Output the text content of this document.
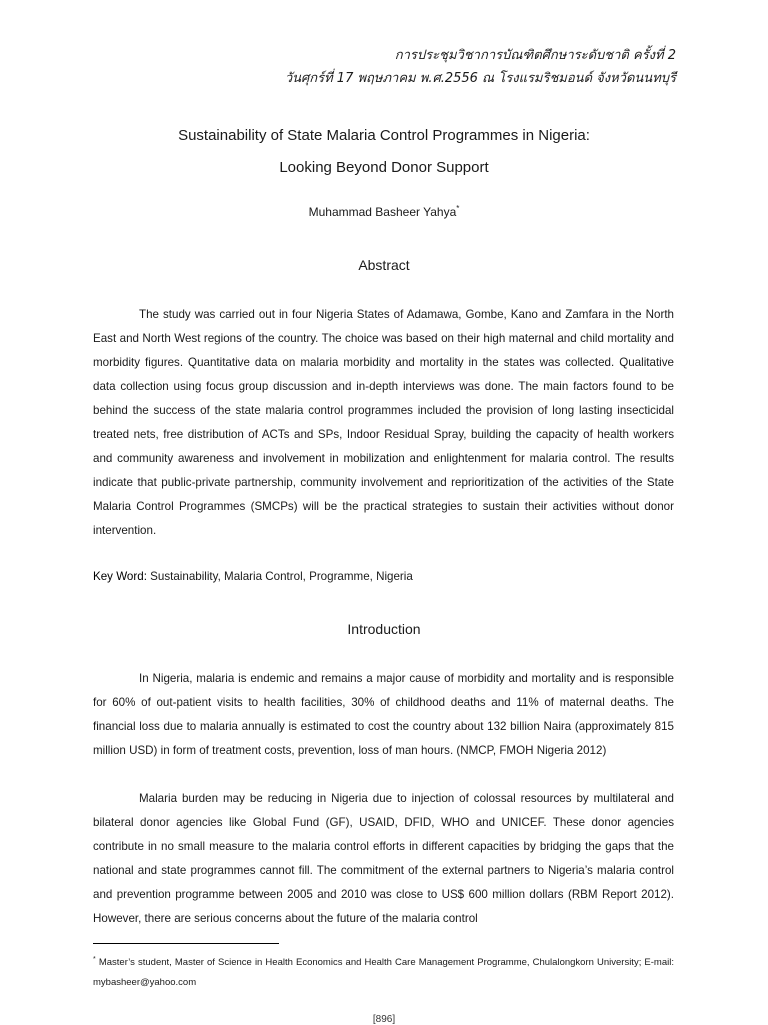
การประชุมวิชาการบัณฑิตศึกษาระดับชาติ ครั้งที่ 2
วันศุกร์ที่ 17 พฤษภาคม พ.ศ.2556 ณ โรงแรมริชมอนด์ จังหวัดนนทบุรี
Sustainability of State Malaria Control Programmes in Nigeria:
Looking Beyond Donor Support
Muhammad Basheer Yahya*
Abstract

The study was carried out in four Nigeria States of Adamawa, Gombe, Kano and Zamfara in the North East and North West regions of the country. The choice was based on their high maternal and child mortality and morbidity figures. Quantitative data on malaria morbidity and mortality in the states was collected. Qualitative data collection using focus group discussion and in-depth interviews was done. The main factors found to be behind the success of the state malaria control programmes included the provision of long lasting insecticidal treated nets, free distribution of ACTs and SPs, Indoor Residual Spray, building the capacity of health workers and community awareness and involvement in mobilization and enlightenment for malaria control. The results indicate that public-private partnership, community involvement and reprioritization of the activities of the State Malaria Control Programmes (SMCPs) will be the practical strategies to sustain their activities without donor intervention.

Key Word: Sustainability, Malaria Control, Programme, Nigeria
Introduction

In Nigeria, malaria is endemic and remains a major cause of morbidity and mortality and is responsible for 60% of out-patient visits to health facilities, 30% of childhood deaths and 11% of maternal deaths. The financial loss due to malaria annually is estimated to cost the country about 132 billion Naira (approximately 815 million USD) in form of treatment costs, prevention, loss of man hours. (NMCP, FMOH Nigeria 2012)

Malaria burden may be reducing in Nigeria due to injection of colossal resources by multilateral and bilateral donor agencies like Global Fund (GF), USAID, DFID, WHO and UNICEF. These donor agencies contribute in no small measure to the malaria control efforts in different capacities by bridging the gaps that the national and state programmes cannot fill. The commitment of the external partners to Nigeria’s malaria control and prevention programme between 2005 and 2010 was close to US$ 600 million dollars (RBM Report 2012). However, there are serious concerns about the future of the malaria control

* Master’s student, Master of Science in Health Economics and Health Care Management Programme, Chulalongkorn University; E-mail: mybasheer@yahoo.com

[896]
